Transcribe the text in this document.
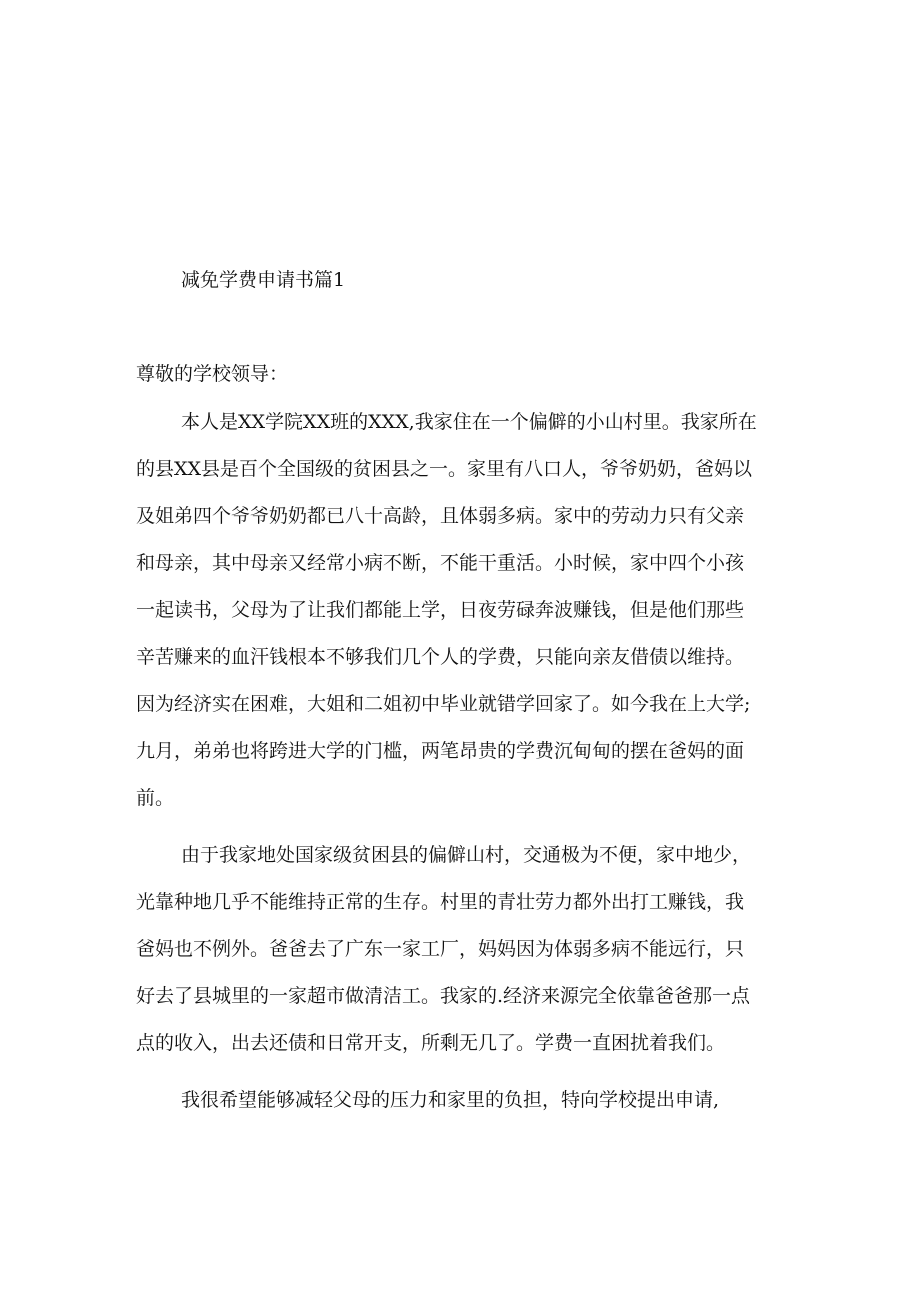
减免学费申请书篇1
尊敬的学校领导：
本人是XX学院XX班的XXX,我家住在一个偏僻的小山村里。我家所在
的县XX县是百个全国级的贫困县之一。家里有八口人，爷爷奶奶，爸妈以
及姐弟四个爷爷奶奶都已八十高龄，且体弱多病。家中的劳动力只有父亲
和母亲，其中母亲又经常小病不断，不能干重活。小时候，家中四个小孩
一起读书，父母为了让我们都能上学，日夜劳碌奔波赚钱，但是他们那些
辛苦赚来的血汗钱根本不够我们几个人的学费，只能向亲友借债以维持。
因为经济实在困难，大姐和二姐初中毕业就错学回家了。如今我在上大学;
九月，弟弟也将跨进大学的门槛，两笔昂贵的学费沉甸甸的摆在爸妈的面
前。
由于我家地处国家级贫困县的偏僻山村，交通极为不便，家中地少，
光靠种地几乎不能维持正常的生存。村里的青壮劳力都外出打工赚钱，我
爸妈也不例外。爸爸去了广东一家工厂，妈妈因为体弱多病不能远行，只
好去了县城里的一家超市做清洁工。我家的.经济来源完全依靠爸爸那一点
点的收入，出去还债和日常开支，所剩无几了。学费一直困扰着我们。
我很希望能够减轻父母的压力和家里的负担，特向学校提出申请,
